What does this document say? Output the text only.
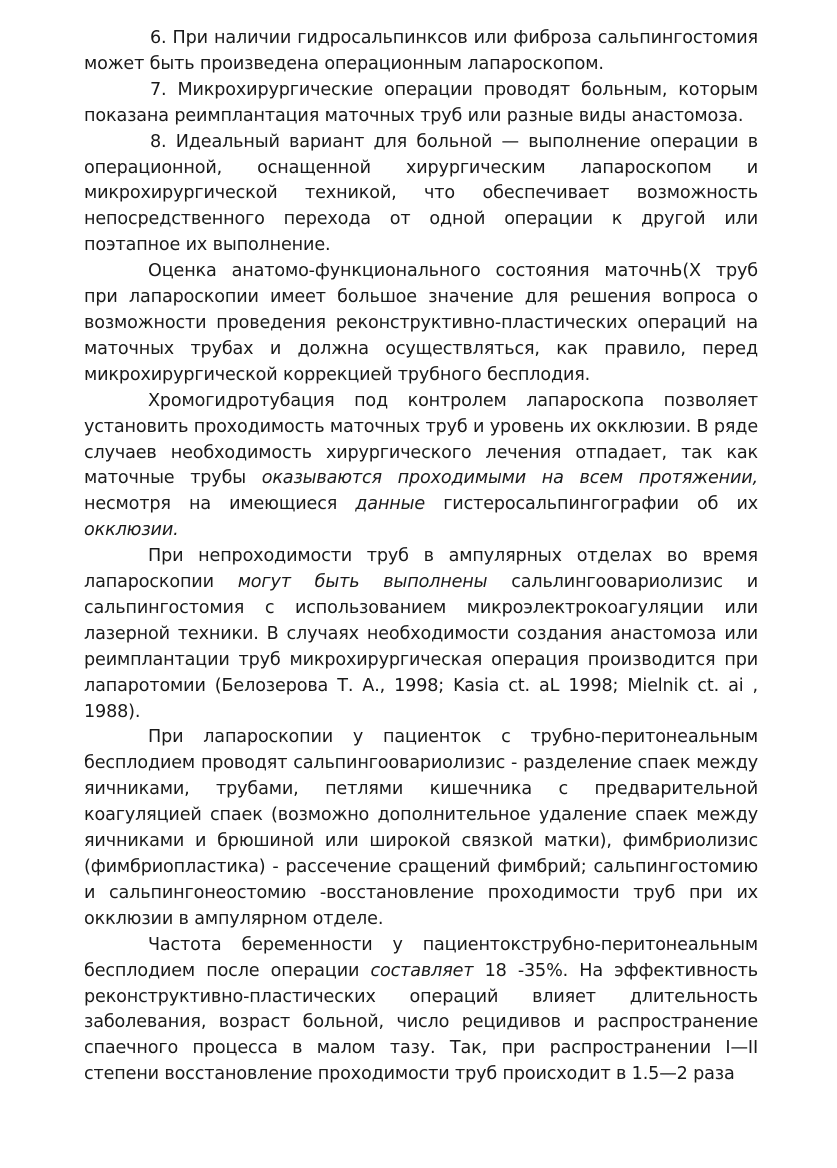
6. При наличии гидросальпинксов или фиброза сальпингостомия может быть произведена операционным лапароскопом.

7. Микрохирургические операции проводят больным, которым показана реимплантация маточных труб или разные виды анастомоза.

8. Идеальный вариант для больной — выполнение операции в операционной, оснащенной хирургическим лапароскопом и микрохирургической техникой, что обеспечивает возможность непосредственного перехода от одной операции к другой или поэтапное их выполнение.

Оценка анатомо-функционального состояния маточнЬ(Х труб при лапароскопии имеет большое значение для решения вопроса о возможности проведения реконструктивно-пластических операций на маточных трубах и должна осуществляться, как правило, перед микрохирургической коррекцией трубного бесплодия.

Хромогидротубация под контролем лапароскопа позволяет установить проходимость маточных труб и уровень их окклюзии. В ряде случаев необходимость хирургического лечения отпадает, так как маточные трубы оказываются проходимыми на всем протяжении, несмотря на имеющиеся данные гистеросальпингографии об их окклюзии.

При непроходимости труб в ампулярных отделах во время лапароскопии могут быть выполнены сальлингоовариолизис и сальпингостомия с использованием микроэлектрокоагуляции или лазерной техники. В случаях необходимости создания анастомоза или реимплантации труб микрохирургическая операция производится при лапаротомии (Белозерова Т. А., 1998; Kasia ct. aL 1998; Mielnik ct. ai , 1988).

При лапароскопии у пациенток с трубно-перитонеальным бесплодием проводят сальпингоовариолизис - разделение спаек между яичниками, трубами, петлями кишечника с предварительной коагуляцией спаек (возможно дополнительное удаление спаек между яичниками и брюшиной или широкой связкой матки), фимбриолизис (фимбриопластика) - рассечение сращений фимбрий; сальпингостомию и сальпингонеостомию -восстановление проходимости труб при их окклюзии в ампулярном отделе.

Частота беременности у пациентокструбно-перитонеальным бесплодием после операции составляет 18 -35%. На эффективность реконструктивно-пластических операций влияет длительность заболевания, возраст больной, число рецидивов и распространение спаечного процесса в малом тазу. Так, при распространении I—II степени восстановление проходимости труб происходит в 1.5—2 раза
